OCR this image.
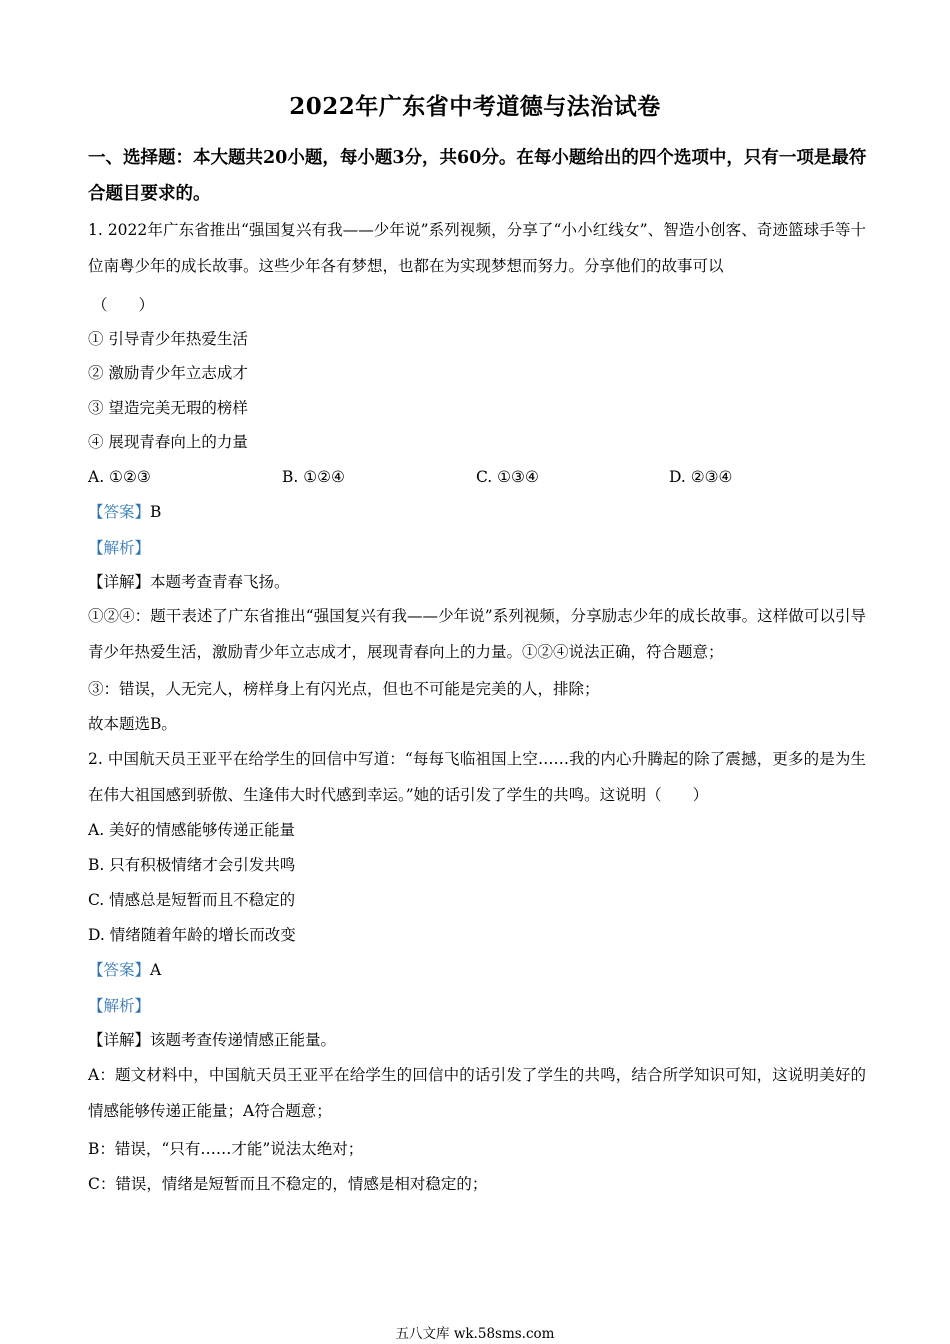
2022年广东省中考道德与法治试卷
一、选择题：本大题共20小题，每小题3分，共60分。在每小题给出的四个选项中，只有一项是最符合题目要求的。
1. 2022年广东省推出“强国复兴有我——少年说”系列视频，分享了“小小红线女”、智造小创客、奇迹篮球手等十位南粤少年的成长故事。这些少年各有梦想，也都在为实现梦想而努力。分享他们的故事可以
（　　）
① 引导青少年热爱生活
② 激励青少年立志成才
③ 望造完美无瑕的榜样
④ 展现青春向上的力量
A. ①②③	B. ①②④	C. ①③④	D. ②③④
【答案】B
【解析】
【详解】本题考查青春飞扬。
①②④：题干表述了广东省推出“强国复兴有我——少年说”系列视频，分享励志少年的成长故事。这样做可以引导青少年热爱生活，激励青少年立志成才，展现青春向上的力量。①②④说法正确，符合题意；
③：错误，人无完人，榜样身上有闪光点，但也不可能是完美的人，排除；
故本题选B。
2. 中国航天员王亚平在给学生的回信中写道：“每每飞临祖国上空……我的内心升腾起的除了震撼，更多的是为生在伟大祖国感到骄傲、生逢伟大时代感到幸运。”她的话引发了学生的共鸣。这说明（　　）
A. 美好的情感能够传递正能量
B. 只有积极情绪才会引发共鸣
C. 情感总是短暂而且不稳定的
D. 情绪随着年龄的增长而改变
【答案】A
【解析】
【详解】该题考查传递情感正能量。
A：题文材料中，中国航天员王亚平在给学生的回信中的话引发了学生的共鸣，结合所学知识可知，这说明美好的情感能够传递正能量；A符合题意；
B：错误，“只有……才能”说法太绝对；
C：错误，情绪是短暂而且不稳定的，情感是相对稳定的；
五八文库 wk.58sms.com
